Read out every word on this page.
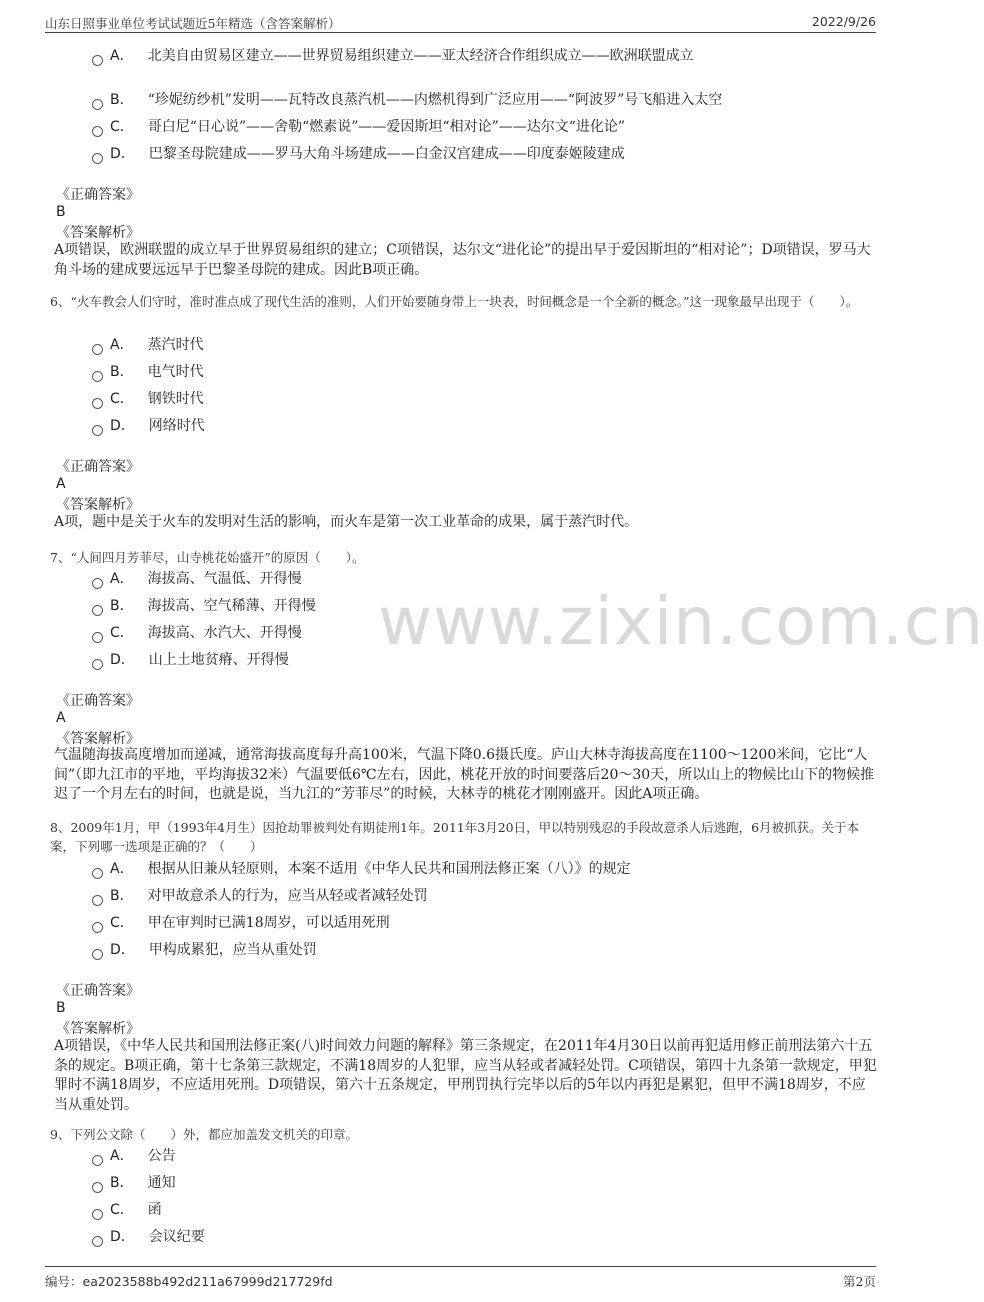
山东日照事业单位考试试题近5年精选（含答案解析）	2022/9/26
www.zixin.com.cn
A． 北美自由贸易区建立——世界贸易组织建立——亚太经济合作组织成立——欧洲联盟成立
B． “珍妮纺纱机”发明——瓦特改良蒸汽机——内燃机得到广泛应用——“阿波罗”号飞船进入太空
C． 哥白尼“日心说”——舍勒“燃素说”——爱因斯坦“相对论”——达尔文“进化论”
D． 巴黎圣母院建成——罗马大角斗场建成——白金汉宫建成——印度泰姬陵建成
《正确答案》
B
《答案解析》
A项错误，欧洲联盟的成立早于世界贸易组织的建立；C项错误，达尔文“进化论”的提出早于爱因斯坦的“相对论”；D项错误，罗马大角斗场的建成要远远早于巴黎圣母院的建成。因此B项正确。
6、“火车教会人们守时，准时准点成了现代生活的准则，人们开始要随身带上一块表，时间概念是一个全新的概念。”这一现象最早出现于（　　）。
A． 蒸汽时代
B． 电气时代
C． 钢铁时代
D． 网络时代
《正确答案》
A
《答案解析》
A项，题中是关于火车的发明对生活的影响，而火车是第一次工业革命的成果，属于蒸汽时代。
7、“人间四月芳菲尽，山寺桃花始盛开”的原因（　　）。
A． 海拔高、气温低、开得慢
B． 海拔高、空气稀薄、开得慢
C． 海拔高、水汽大、开得慢
D． 山上土地贫瘠、开得慢
《正确答案》
A
《答案解析》
气温随海拔高度增加而递减，通常海拔高度每升高100米，气温下降0.6摄氏度。庐山大林寺海拔高度在1100～1200米间，它比“人间”（即九江市的平地，平均海拔32米）气温要低6℃左右，因此，桃花开放的时间要落后20～30天，所以山上的物候比山下的物候推迟了一个月左右的时间，也就是说，当九江的“芳菲尽”的时候，大林寺的桃花才刚刚盛开。因此A项正确。
8、2009年1月，甲（1993年4月生）因抢劫罪被判处有期徒刑1年。2011年3月20日，甲以特别残忍的手段故意杀人后逃跑，6月被抓获。关于本案，下列哪一选项是正确的？（　　）
A． 根据从旧兼从轻原则，本案不适用《中华人民共和国刑法修正案（八）》的规定
B． 对甲故意杀人的行为，应当从轻或者减轻处罚
C． 甲在审判时已满18周岁，可以适用死刑
D． 甲构成累犯，应当从重处罚
《正确答案》
B
《答案解析》
A项错误，《中华人民共和国刑法修正案(八)时间效力问题的解释》第三条规定，在2011年4月30日以前再犯适用修正前刑法第六十五条的规定。B项正确，第十七条第三款规定，不满18周岁的人犯罪，应当从轻或者减轻处罚。C项错误，第四十九条第一款规定，甲犯罪时不满18周岁，不应适用死刑。D项错误，第六十五条规定，甲刑罚执行完毕以后的5年以内再犯是累犯，但甲不满18周岁，不应当从重处罚。
9、下列公文除（　　）外，都应加盖发文机关的印章。
A． 公告
B． 通知
C． 函
D． 会议纪要
编号：ea2023588b492d211a67999d217729fd	第2页
